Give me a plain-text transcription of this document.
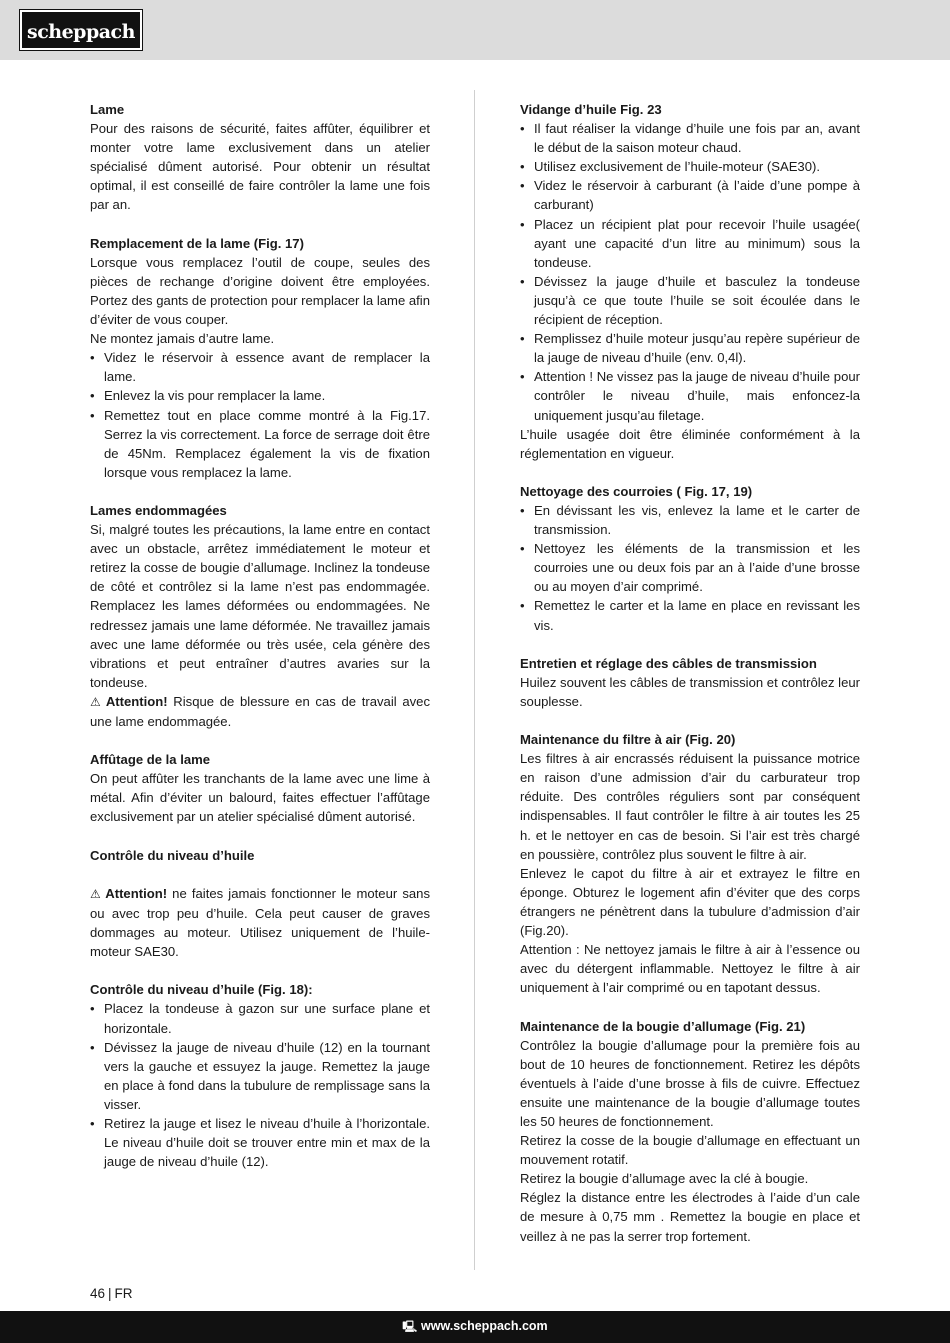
scheppach

Lame

Pour des raisons de sécurité, faites affûter, équilibrer et monter votre lame exclusivement dans un atelier spécialisé dûment autorisé. Pour obtenir un résultat optimal, il est conseillé de faire contrôler la lame une fois par an.

Remplacement de la lame (Fig. 17)

Lorsque vous remplacez l’outil de coupe, seules des pièces de rechange d’origine doivent être employées. Portez des gants de protection pour remplacer la lame afin d’éviter de vous couper.

Ne montez jamais d’autre lame.

• Videz le réservoir à essence avant de remplacer la lame.
• Enlevez la vis pour remplacer la lame.
• Remettez tout en place comme montré à la Fig.17. Serrez la vis correctement. La force de serrage doit être de 45Nm. Remplacez également la vis de fixation lorsque vous remplacez la lame.

Lames endommagées

Si, malgré toutes les précautions, la lame entre en contact avec un obstacle, arrêtez immédiatement le moteur et retirez la cosse de bougie d’allumage. Inclinez la tondeuse de côté et contrôlez si la lame n’est pas endommagée. Remplacez les lames déformées ou endommagées. Ne redressez jamais une lame déformée. Ne travaillez jamais avec une lame déformée ou très usée, cela génère des vibrations et peut entraîner d’autres avaries sur la tondeuse.

⚠ Attention! Risque de blessure en cas de travail avec une lame endommagée.

Affûtage de la lame

On peut affûter les tranchants de la lame avec une lime à métal. Afin d’éviter un balourd, faites effectuer l’affûtage exclusivement par un atelier spécialisé dûment autorisé.

Contrôle du niveau d’huile

⚠ Attention! ne faites jamais fonctionner le moteur sans ou avec trop peu d’huile. Cela peut causer de graves dommages au moteur. Utilisez uniquement de l’huile-moteur SAE30.

Contrôle du niveau d’huile (Fig. 18):

• Placez la tondeuse à gazon sur une surface plane et horizontale.
• Dévissez la jauge de niveau d’huile (12) en la tournant vers la gauche et essuyez la jauge. Remettez la jauge en place à fond dans la tubulure de remplissage sans la visser.
• Retirez la jauge et lisez le niveau d’huile à l’horizontale. Le niveau d’huile doit se trouver entre min et max de la jauge de niveau d’huile (12).

Vidange d’huile Fig. 23

• Il faut réaliser la vidange d’huile une fois par an, avant le début de la saison moteur chaud.
• Utilisez exclusivement de l’huile-moteur (SAE30).
• Videz le réservoir à carburant (à l’aide d’une pompe à carburant)
• Placez un récipient plat pour recevoir l’huile usagée( ayant une capacité d’un litre au minimum) sous la tondeuse.
• Dévissez la jauge d’huile et basculez la tondeuse jusqu’à ce que toute l’huile se soit écoulée dans le récipient de réception.
• Remplissez d’huile moteur jusqu’au repère supérieur de la jauge de niveau d’huile (env. 0,4l).
• Attention ! Ne vissez pas la jauge de niveau d’huile pour contrôler le niveau d’huile, mais enfoncez-la uniquement jusqu’au filetage.

L’huile usagée doit être éliminée conformément à la réglementation en vigueur.

Nettoyage des courroies ( Fig. 17, 19)

• En dévissant les vis, enlevez la lame et le carter de transmission.
• Nettoyez les éléments de la transmission et les courroies une ou deux fois par an à l’aide d’une brosse ou au moyen d’air comprimé.
• Remettez le carter et la lame en place en revissant les vis.

Entretien et réglage des câbles de transmission

Huilez souvent les câbles de transmission et contrôlez leur souplesse.

Maintenance du filtre à air (Fig. 20)

Les filtres à air encrassés réduisent la puissance motrice en raison d’une admission d’air du carburateur trop réduite. Des contrôles réguliers sont par conséquent indispensables. Il faut contrôler le filtre à air toutes les 25 h. et le nettoyer en cas de besoin. Si l’air est très chargé en poussière, contrôlez plus souvent le filtre à air.

Enlevez le capot du filtre à air et extrayez le filtre en éponge. Obturez le logement afin d’éviter que des corps étrangers ne pénètrent dans la tubulure d’admission d’air (Fig.20).

Attention : Ne nettoyez jamais le filtre à air à l’essence ou avec du détergent inflammable. Nettoyez le filtre à air uniquement à l’air comprimé ou en tapotant dessus.

Maintenance de la bougie d’allumage (Fig. 21)

Contrôlez la bougie d’allumage pour la première fois au bout de 10 heures de fonctionnement. Retirez les dépôts éventuels à l’aide d’une brosse à fils de cuivre. Effectuez ensuite une maintenance de la bougie d’allumage toutes les 50 heures de fonctionnement.

Retirez la cosse de la bougie d’allumage en effectuant un mouvement rotatif.

Retirez la bougie d’allumage avec la clé à bougie.

Réglez la distance entre les électrodes à l’aide d’un cale de mesure à 0,75 mm . Remettez la bougie en place et veillez à ne pas la serrer trop fortement.

46 | FR
🖳 www.scheppach.com
